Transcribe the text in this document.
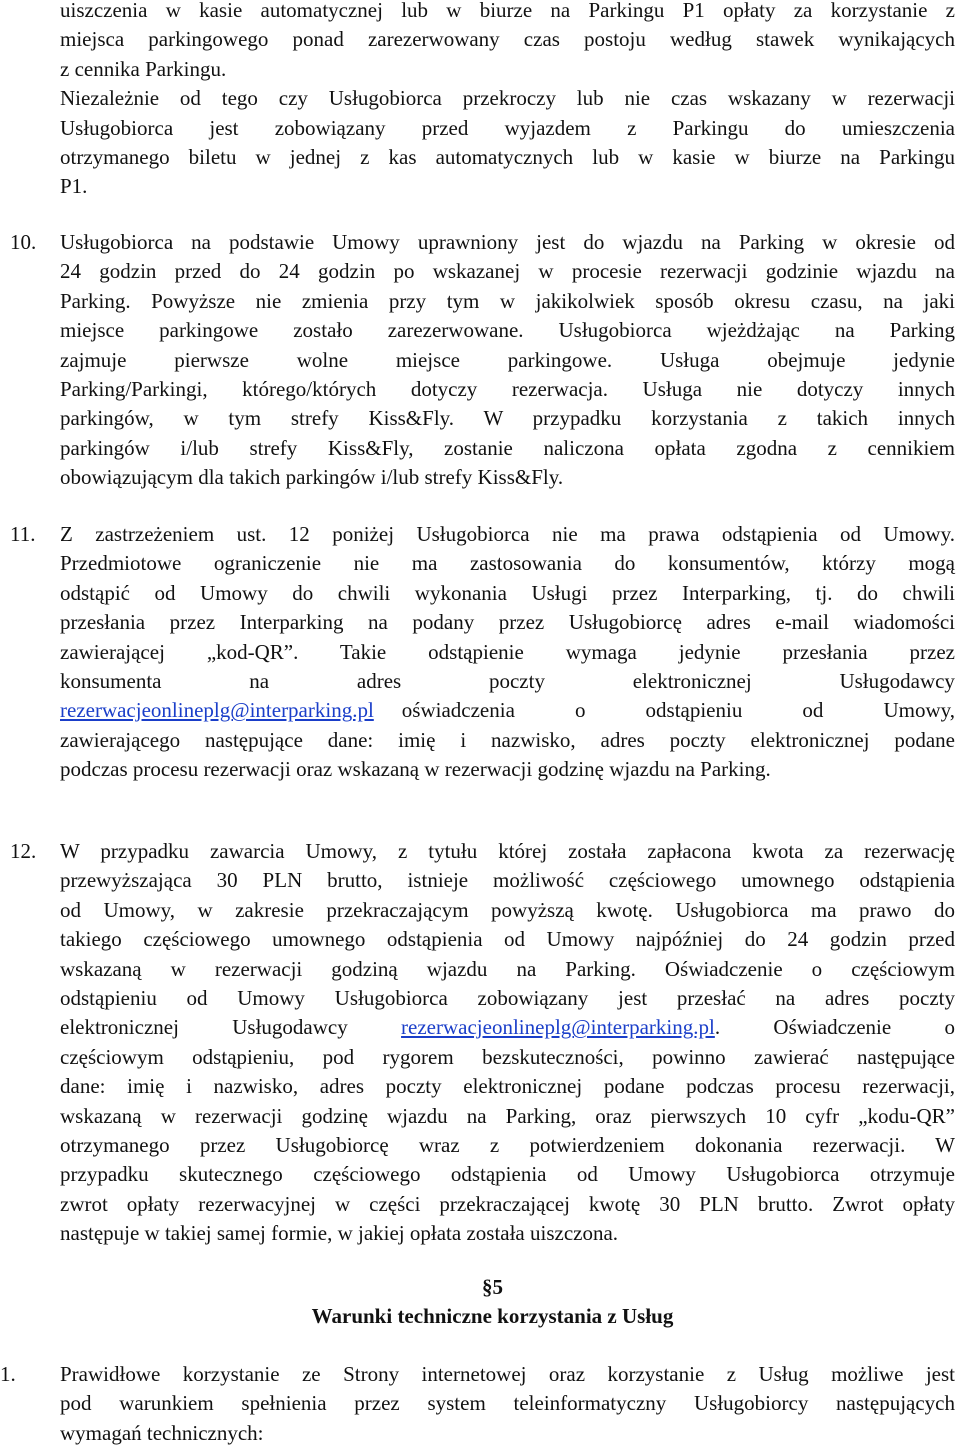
uiszczenia w kasie automatycznej lub w biurze na Parkingu P1 opłaty za korzystanie z
miejsca parkingowego ponad zarezerwowany czas postoju według stawek wynikających
z cennika Parkingu.
Niezależnie od tego czy Usługobiorca przekroczy lub nie czas wskazany w rezerwacji
Usługobiorca jest zobowiązany przed wyjazdem z Parkingu do umieszczenia
otrzymanego biletu w jednej z kas automatycznych lub w kasie w biurze na Parkingu
P1.
10. Usługobiorca na podstawie Umowy uprawniony jest do wjazdu na Parking w okresie od
24 godzin przed do 24 godzin po wskazanej w procesie rezerwacji godzinie wjazdu na
Parking. Powyższe nie zmienia przy tym w jakikolwiek sposób okresu czasu, na jaki
miejsce parkingowe zostało zarezerwowane. Usługobiorca wjeżdżając na Parking
zajmuje pierwsze wolne miejsce parkingowe. Usługa obejmuje jedynie
Parking/Parkingi, którego/których dotyczy rezerwacja. Usługa nie dotyczy innych
parkingów, w tym strefy Kiss&Fly. W przypadku korzystania z takich innych
parkingów i/lub strefy Kiss&Fly, zostanie naliczona opłata zgodna z cennikiem
obowiązującym dla takich parkingów i/lub strefy Kiss&Fly.
11. Z zastrzeżeniem ust. 12 poniżej Usługobiorca nie ma prawa odstąpienia od Umowy.
Przedmiotowe ograniczenie nie ma zastosowania do konsumentów, którzy mogą
odstąpić od Umowy do chwili wykonania Usługi przez Interparking, tj. do chwili
przesłania przez Interparking na podany przez Usługobiorcę adres e-mail wiadomości
zawierającej „kod-QR”. Takie odstąpienie wymaga jedynie przesłania przez
konsumenta	na	adres	poczty	elektronicznej	Usługodawcy
rezerwacjeonlineplg@interparking.pl oświadczenia	o	odstąpieniu	od	Umowy,
zawierającego następujące dane: imię i nazwisko, adres poczty elektronicznej podane
podczas procesu rezerwacji oraz wskazaną w rezerwacji godzinę wjazdu na Parking.
12. W przypadku zawarcia Umowy, z tytułu której została zapłacona kwota za rezerwację
przewyższająca 30 PLN brutto, istnieje możliwość częściowego umownego odstąpienia
od Umowy, w zakresie przekraczającym powyższą kwotę. Usługobiorca ma prawo do
takiego częściowego umownego odstąpienia od Umowy najpóźniej do 24 godzin przed
wskazaną w rezerwacji godziną wjazdu na Parking. Oświadczenie o częściowym
odstąpieniu od Umowy Usługobiorca zobowiązany jest przesłać na adres poczty
elektronicznej Usługodawcy rezerwacjeonlineplg@interparking.pl. Oświadczenie o
częściowym odstąpieniu, pod rygorem bezskuteczności, powinno zawierać następujące
dane: imię i nazwisko, adres poczty elektronicznej podane podczas procesu rezerwacji,
wskazaną w rezerwacji godzinę wjazdu na Parking, oraz pierwszych 10 cyfr „kodu-QR”
otrzymanego przez Usługobiorcę wraz z potwierdzeniem dokonania rezerwacji. W
przypadku skutecznego częściowego odstąpienia od Umowy Usługobiorca otrzymuje
zwrot opłaty rezerwacyjnej w części przekraczającej kwotę 30 PLN brutto. Zwrot opłaty
następuje w takiej samej formie, w jakiej opłata została uiszczona.
§5
Warunki techniczne korzystania z Usług
1. Prawidłowe korzystanie ze Strony internetowej oraz korzystanie z Usług możliwe jest
pod warunkiem spełnienia przez system teleinformatyczny Usługobiorcy następujących
wymagań technicznych:
